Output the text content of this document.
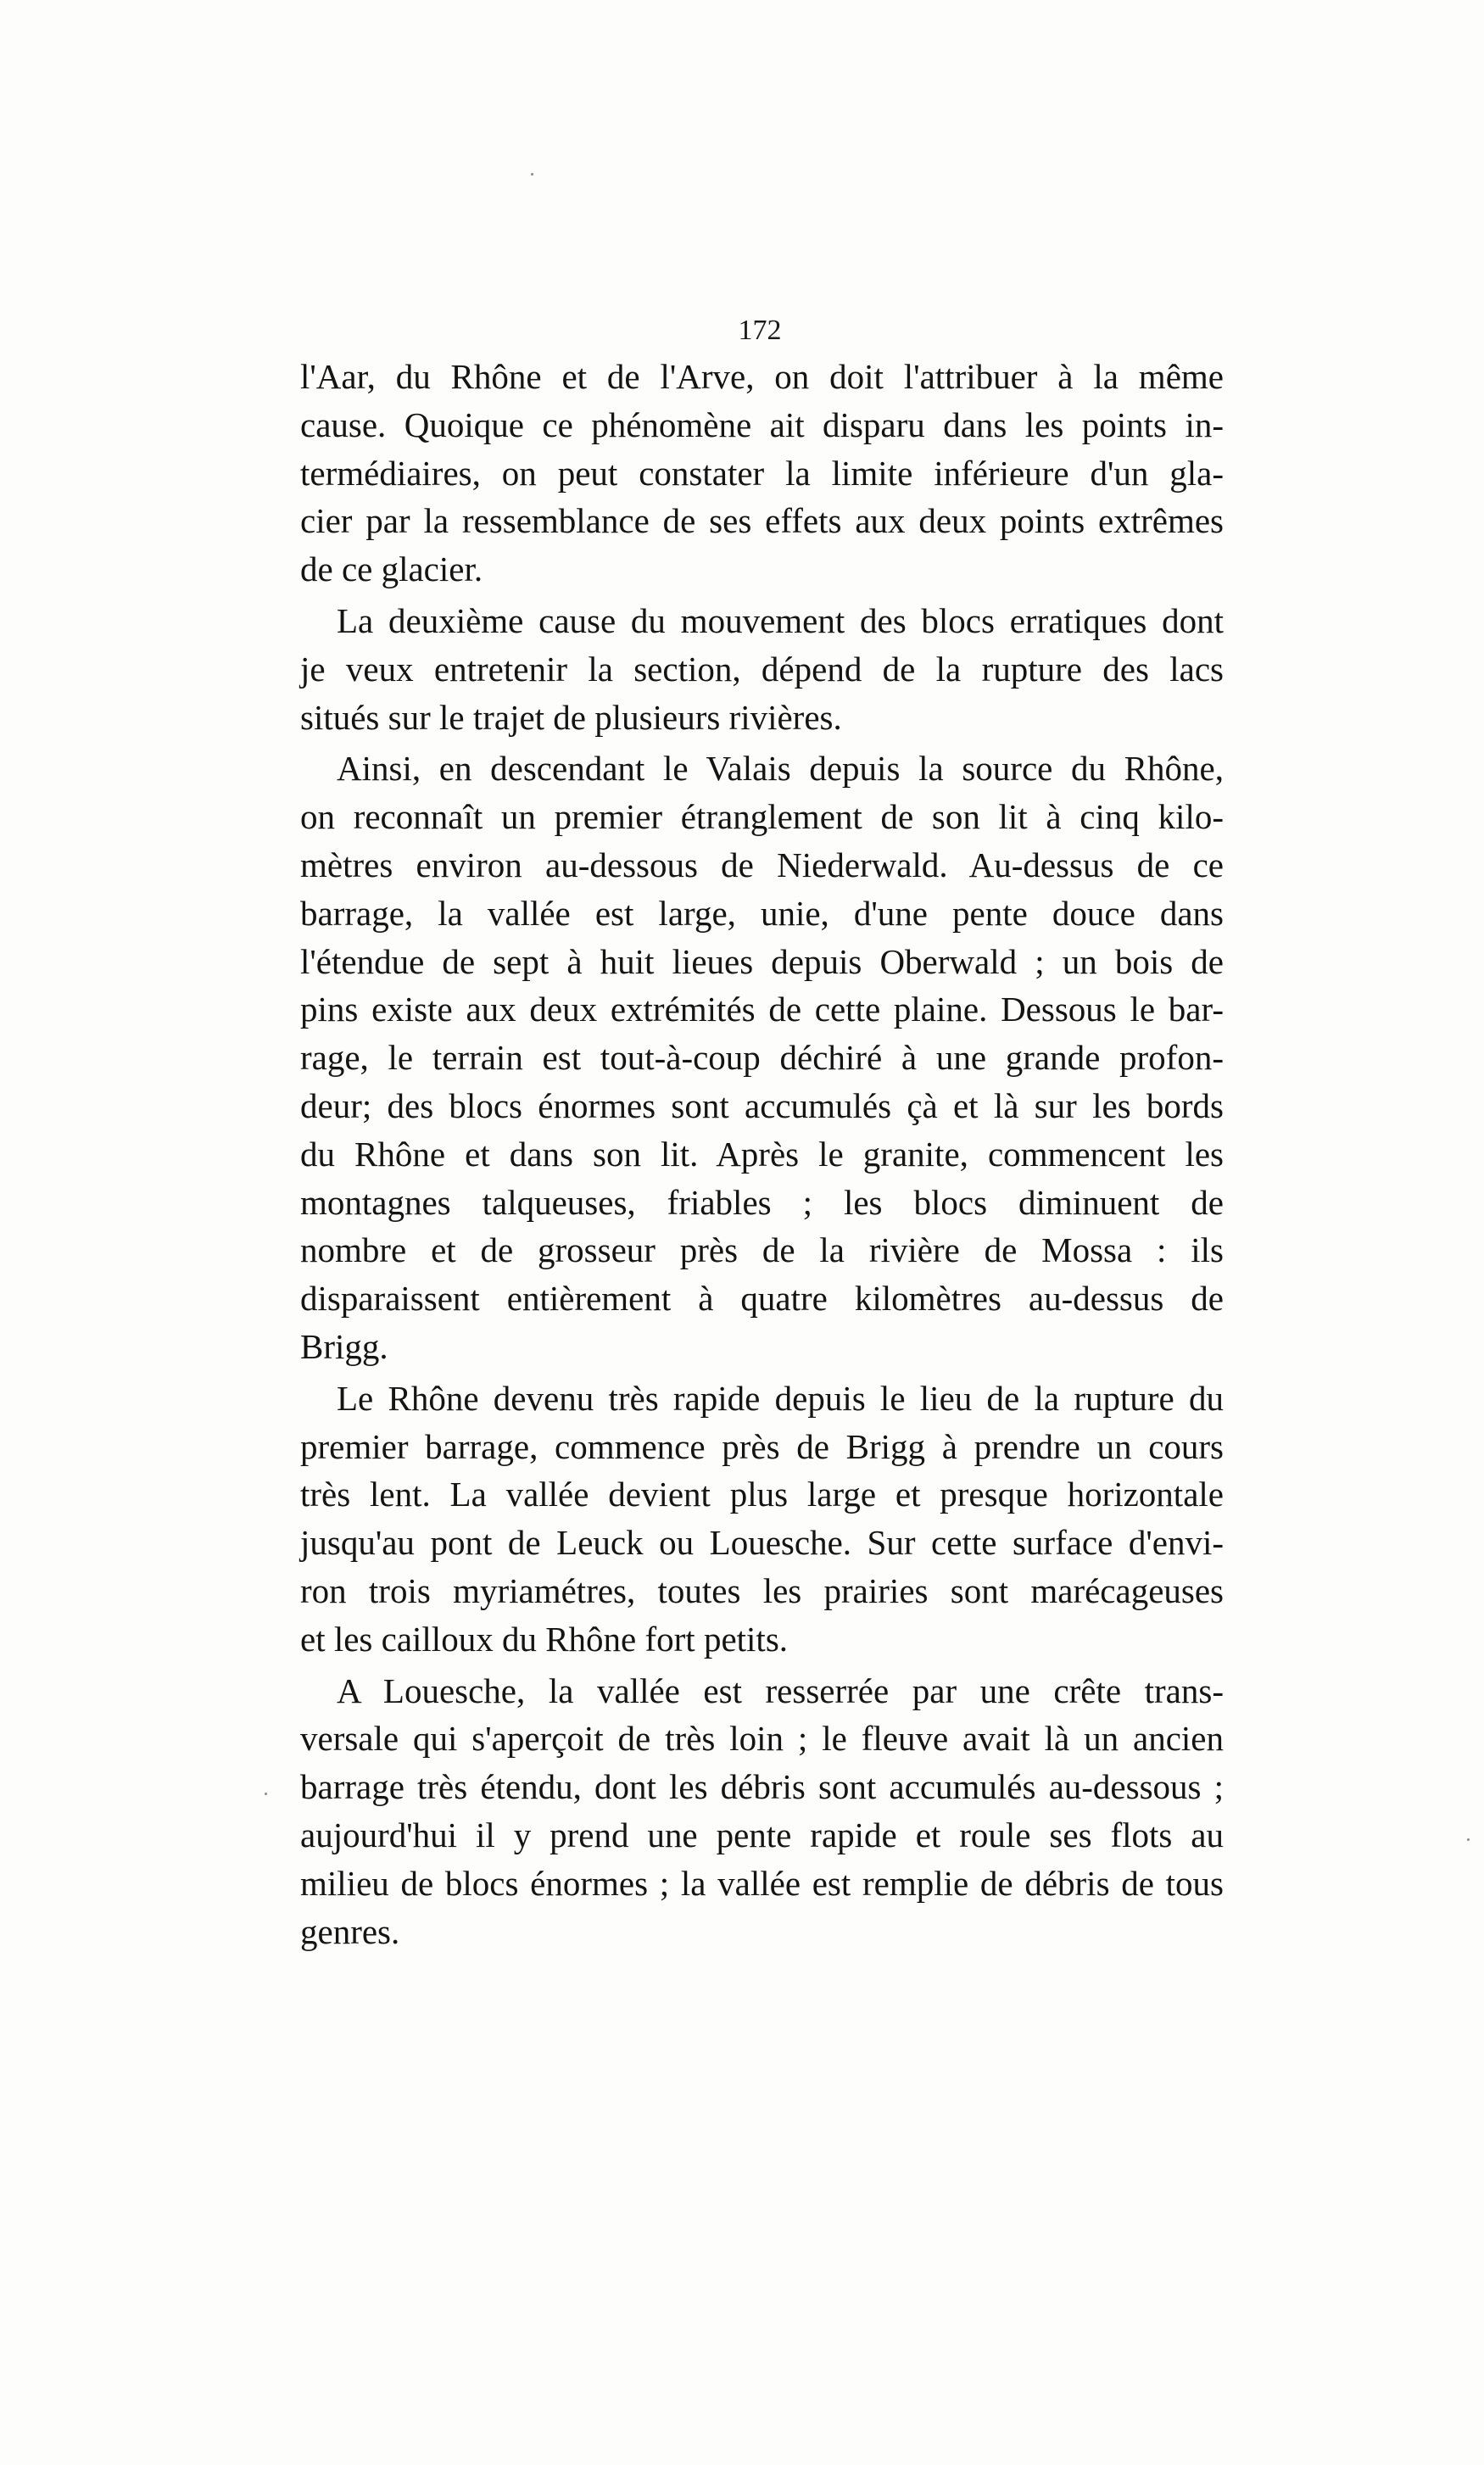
172
l'Aar, du Rhône et de l'Arve, on doit l'attribuer à la même
cause. Quoique ce phénomène ait disparu dans les points in-
termédiaires, on peut constater la limite inférieure d'un gla-
cier par la ressemblance de ses effets aux deux points extrêmes
de ce glacier.
La deuxième cause du mouvement des blocs erratiques dont
je veux entretenir la section, dépend de la rupture des lacs
situés sur le trajet de plusieurs rivières.
Ainsi, en descendant le Valais depuis la source du Rhône,
on reconnaît un premier étranglement de son lit à cinq kilo-
mètres environ au-dessous de Niederwald. Au-dessus de ce
barrage, la vallée est large, unie, d'une pente douce dans
l'étendue de sept à huit lieues depuis Oberwald ; un bois de
pins existe aux deux extrémités de cette plaine. Dessous le bar-
rage, le terrain est tout-à-coup déchiré à une grande profon-
deur; des blocs énormes sont accumulés çà et là sur les bords
du Rhône et dans son lit. Après le granite, commencent les
montagnes talqueuses, friables ; les blocs diminuent de
nombre et de grosseur près de la rivière de Mossa : ils
disparaissent entièrement à quatre kilomètres au-dessus de
Brigg.
Le Rhône devenu très rapide depuis le lieu de la rupture du
premier barrage, commence près de Brigg à prendre un cours
très lent. La vallée devient plus large et presque horizontale
jusqu'au pont de Leuck ou Louesche. Sur cette surface d'envi-
ron trois myriamétres, toutes les prairies sont marécageuses
et les cailloux du Rhône fort petits.
A Louesche, la vallée est resserrée par une crête trans-
versale qui s'aperçoit de très loin ; le fleuve avait là un ancien
barrage très étendu, dont les débris sont accumulés au-dessous ;
aujourd'hui il y prend une pente rapide et roule ses flots au
milieu de blocs énormes ; la vallée est remplie de débris de tous
genres.
